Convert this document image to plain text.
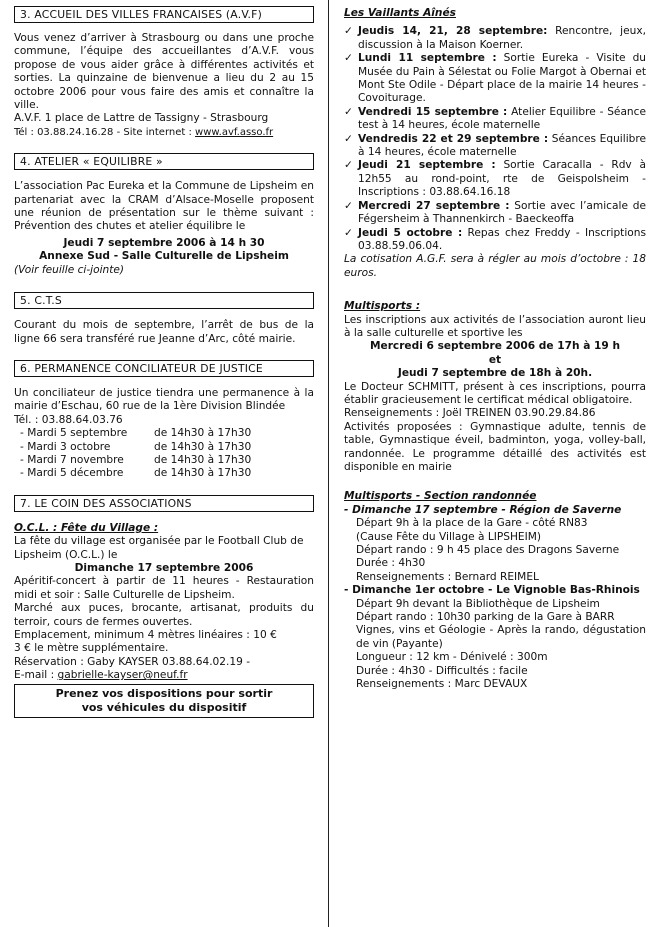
3. ACCUEIL DES VILLES FRANCAISES (A.V.F)
Vous venez d’arriver à Strasbourg ou dans une proche commune, l’équipe des accueillantes d’A.V.F. vous propose de vous aider grâce à différentes activités et sorties. La quinzaine de bienvenue a lieu du 2 au 15 octobre 2006 pour vous faire des amis et connaître la ville.
A.V.F. 1 place de Lattre de Tassigny - Strasbourg
Tél : 03.88.24.16.28 - Site internet : www.avf.asso.fr
4. ATELIER « EQUILIBRE »
L’association Pac Eureka et la Commune de Lipsheim en partenariat avec la CRAM d’Alsace-Moselle proposent une réunion de présentation sur le thème suivant : Prévention des chutes et atelier équilibre le
Jeudi 7 septembre 2006 à 14 h 30
Annexe Sud - Salle Culturelle de Lipsheim
(Voir feuille ci-jointe)
5. C.T.S
Courant du mois de septembre, l’arrêt de bus de la ligne 66 sera transféré rue Jeanne d’Arc, côté mairie.
6. PERMANENCE CONCILIATEUR DE JUSTICE
Un conciliateur de justice tiendra une permanence à la mairie d’Eschau, 60 rue de la 1ère Division Blindée
Tél. : 03.88.64.03.76
- Mardi 5 septembre	de 14h30 à 17h30
- Mardi 3 octobre	de 14h30 à 17h30
- Mardi 7 novembre	de 14h30 à 17h30
- Mardi 5 décembre	de 14h30 à 17h30
7. LE COIN DES ASSOCIATIONS
O.C.L. : Fête du Village :
La fête du village est organisée par le Football Club de Lipsheim (O.C.L.) le
Dimanche 17 septembre 2006
Apéritif-concert à partir de 11 heures - Restauration midi et soir : Salle Culturelle de Lipsheim.
Marché aux puces, brocante, artisanat, produits du terroir, cours de fermes ouvertes.
Emplacement, minimum 4 mètres linéaires : 10 €
3 € le mètre supplémentaire.
Réservation : Gaby KAYSER 03.88.64.02.19 -
E-mail : gabrielle-kayser@neuf.fr
Prenez vos dispositions pour sortir
vos véhicules du dispositif
Les Vaillants Aînés
✓ Jeudis 14, 21, 28 septembre: Rencontre, jeux, discussion à la Maison Koerner.
✓ Lundi 11 septembre : Sortie Eureka - Visite du Musée du Pain à Sélestat ou Folie Margot à Obernai et Mont Ste Odile - Départ place de la mairie 14 heures - Covoiturage.
✓ Vendredi 15 septembre : Atelier Equilibre - Séance test à 14 heures, école maternelle
✓ Vendredis 22 et 29 septembre : Séances Equilibre à 14 heures, école maternelle
✓ Jeudi 21 septembre : Sortie Caracalla - Rdv à 12h55 au rond-point, rte de Geispolsheim - Inscriptions : 03.88.64.16.18
✓ Mercredi 27 septembre : Sortie avec l’amicale de Fégersheim à Thannenkirch - Baeckeoffa
✓ Jeudi 5 octobre : Repas chez Freddy - Inscriptions 03.88.59.06.04.
La cotisation A.G.F. sera à régler au mois d’octobre : 18 euros.
Multisports :
Les inscriptions aux activités de l’association auront lieu à la salle culturelle et sportive les
Mercredi 6 septembre 2006 de 17h à 19 h
et
Jeudi 7 septembre de 18h à 20h.
Le Docteur SCHMITT, présent à ces inscriptions, pourra établir gracieusement le certificat médical obligatoire.
Renseignements : Joël TREINEN 03.90.29.84.86
Activités proposées : Gymnastique adulte, tennis de table, Gymnastique éveil, badminton, yoga, volley-ball, randonnée. Le programme détaillé des activités est disponible en mairie
Multisports - Section randonnée
- Dimanche 17 septembre - Région de Saverne
Départ 9h à la place de la Gare - côté RN83
(Cause Fête du Village à LIPSHEIM)
Départ rando : 9 h 45 place des Dragons Saverne
Durée : 4h30
Renseignements : Bernard REIMEL
- Dimanche 1er octobre - Le Vignoble Bas-Rhinois
Départ 9h devant la Bibliothèque de Lipsheim
Départ rando : 10h30 parking de la Gare à BARR
Vignes, vins et Géologie - Après la rando, dégustation de vin (Payante)
Longueur : 12 km - Dénivelé : 300m
Durée : 4h30 - Difficultés : facile
Renseignements : Marc DEVAUX
